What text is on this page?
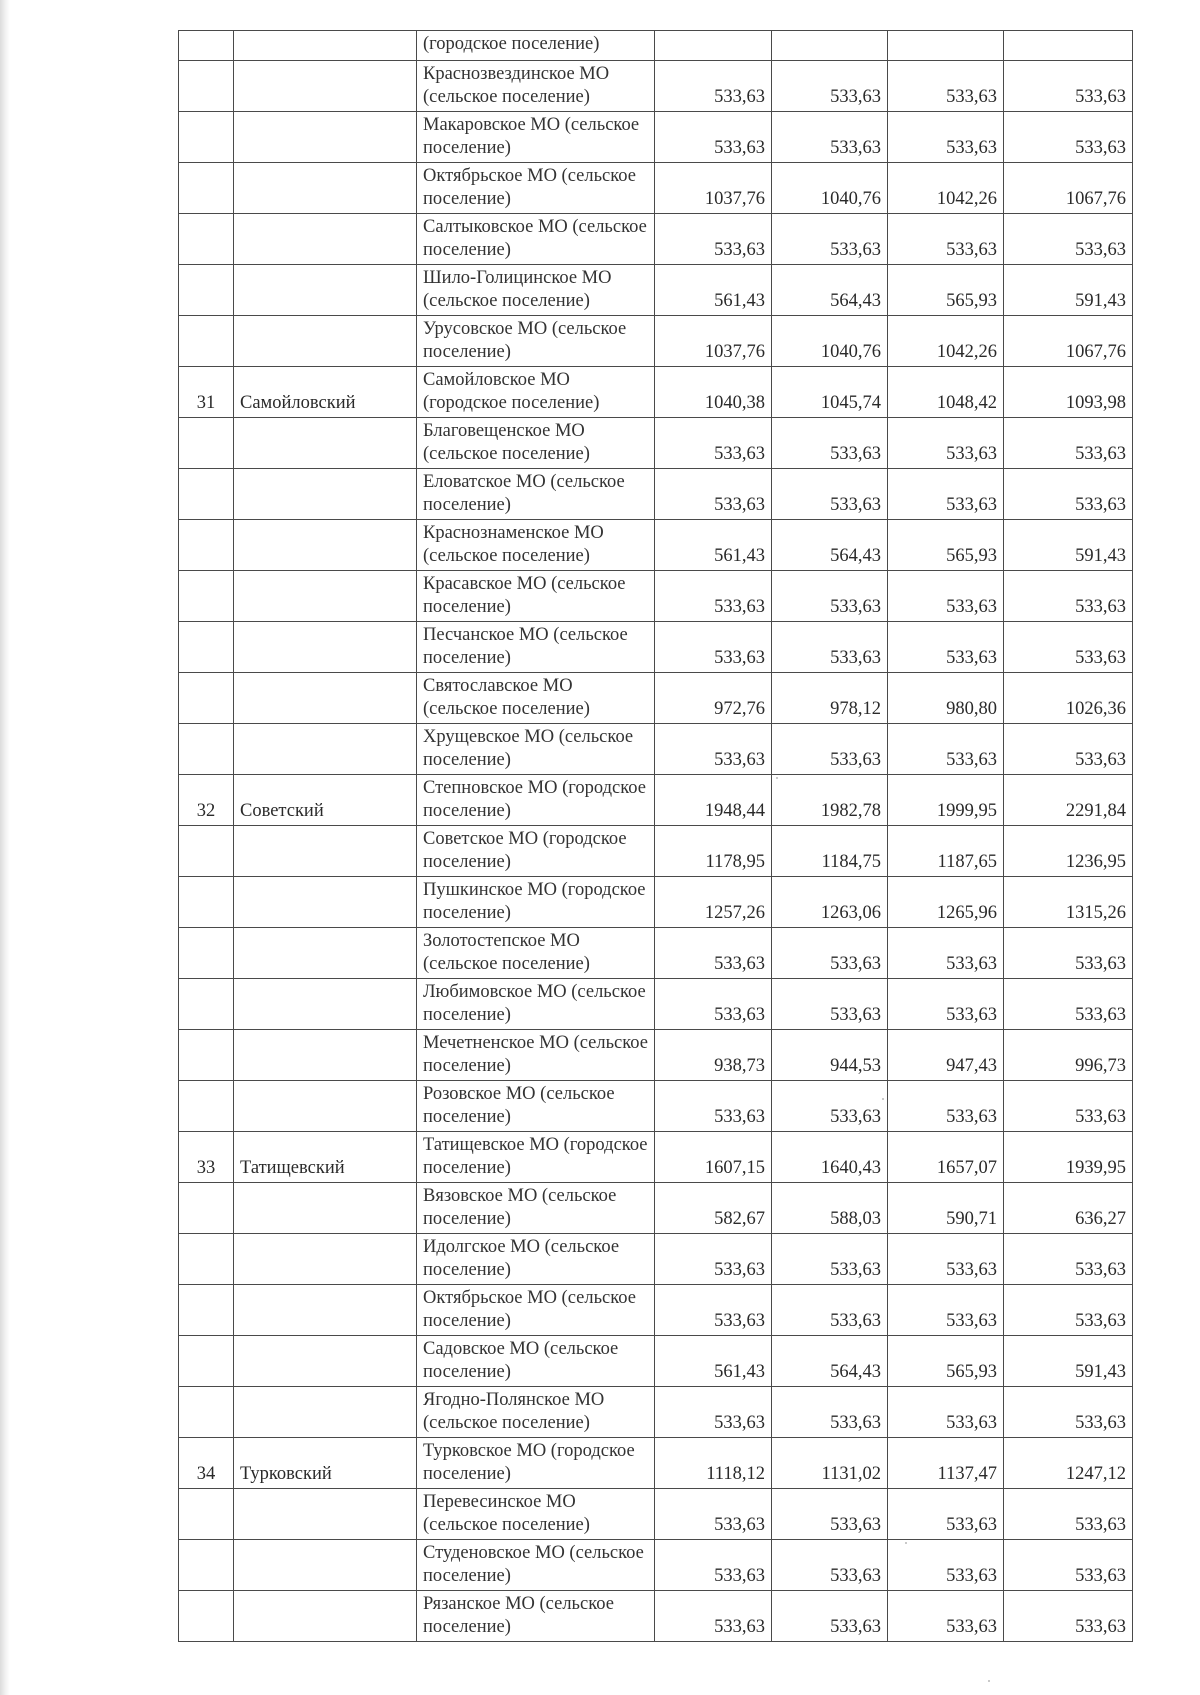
		(городское поселение)				
		Краснозвездинское МО (сельское поселение)	533,63	533,63	533,63	533,63
		Макаровское МО (сельское поселение)	533,63	533,63	533,63	533,63
		Октябрьское МО (сельское поселение)	1037,76	1040,76	1042,26	1067,76
		Салтыковское МО (сельское поселение)	533,63	533,63	533,63	533,63
		Шило-Голицинское МО (сельское поселение)	561,43	564,43	565,93	591,43
		Урусовское МО (сельское поселение)	1037,76	1040,76	1042,26	1067,76
31	Самойловский	Самойловское МО (городское поселение)	1040,38	1045,74	1048,42	1093,98
		Благовещенское МО (сельское поселение)	533,63	533,63	533,63	533,63
		Еловатское МО (сельское поселение)	533,63	533,63	533,63	533,63
		Краснознаменское МО (сельское поселение)	561,43	564,43	565,93	591,43
		Красавское МО (сельское поселение)	533,63	533,63	533,63	533,63
		Песчанское МО (сельское поселение)	533,63	533,63	533,63	533,63
		Святославское МО (сельское поселение)	972,76	978,12	980,80	1026,36
		Хрущевское МО (сельское поселение)	533,63	533,63	533,63	533,63
32	Советский	Степновское МО (городское поселение)	1948,44	1982,78	1999,95	2291,84
		Советское МО (городское поселение)	1178,95	1184,75	1187,65	1236,95
		Пушкинское МО (городское поселение)	1257,26	1263,06	1265,96	1315,26
		Золотостепское МО (сельское поселение)	533,63	533,63	533,63	533,63
		Любимовское МО (сельское поселение)	533,63	533,63	533,63	533,63
		Мечетненское МО (сельское поселение)	938,73	944,53	947,43	996,73
		Розовское МО (сельское поселение)	533,63	533,63	533,63	533,63
33	Татищевский	Татищевское МО (городское поселение)	1607,15	1640,43	1657,07	1939,95
		Вязовское МО (сельское поселение)	582,67	588,03	590,71	636,27
		Идолгское МО (сельское поселение)	533,63	533,63	533,63	533,63
		Октябрьское МО (сельское поселение)	533,63	533,63	533,63	533,63
		Садовское МО (сельское поселение)	561,43	564,43	565,93	591,43
		Ягодно-Полянское МО (сельское поселение)	533,63	533,63	533,63	533,63
34	Турковский	Турковское МО (городское поселение)	1118,12	1131,02	1137,47	1247,12
		Перевесинское МО (сельское поселение)	533,63	533,63	533,63	533,63
		Студеновское МО (сельское поселение)	533,63	533,63	533,63	533,63
		Рязанское МО (сельское поселение)	533,63	533,63	533,63	533,63
